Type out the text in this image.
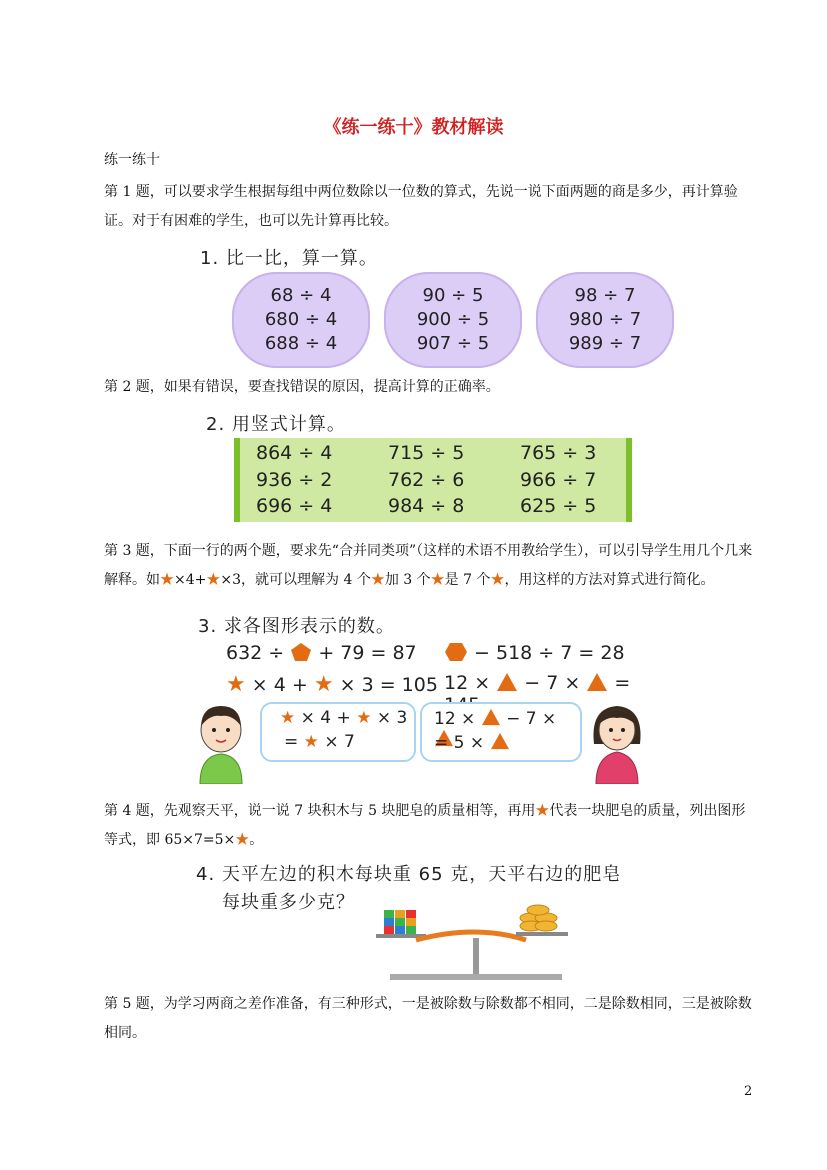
《练一练十》教材解读
练一练十
第 1 题，可以要求学生根据每组中两位数除以一位数的算式，先说一说下面两题的商是多少，再计算验证。对于有困难的学生，也可以先计算再比较。
1. 比一比，算一算。
68 ÷ 4
680 ÷ 4
688 ÷ 4
90 ÷ 5
900 ÷ 5
907 ÷ 5
98 ÷ 7
980 ÷ 7
989 ÷ 7
第 2 题，如果有错误，要查找错误的原因，提高计算的正确率。
2. 用竖式计算。
864 ÷ 4	715 ÷ 5	765 ÷ 3
936 ÷ 2	762 ÷ 6	966 ÷ 7
696 ÷ 4	984 ÷ 8	625 ÷ 5
第 3 题，下面一行的两个题，要求先“合并同类项”（这样的术语不用教给学生），可以引导学生用几个几来解释。如★×4+★×3，就可以理解为 4 个★加 3 个★是 7 个★，用这样的方法对算式进行简化。
3. 求各图形表示的数。
632 ÷ + 79 = 87	− 518 ÷ 7 = 28
★ × 4 + ★ × 3 = 105 12 × − 7 × =
★ × 4 + ★ × 3
= ★ × 7
12 × − 7 ×
= 5 ×
第 4 题，先观察天平，说一说 7 块积木与 5 块肥皂的质量相等，再用★代表一块肥皂的质量，列出图形等式，即 65×7=5×★。
4. 天平左边的积木每块重 65 克，天平右边的肥皂
每块重多少克？
第 5 题，为学习两商之差作准备，有三种形式，一是被除数与除数都不相同，二是除数相同，三是被除数相同。
2
